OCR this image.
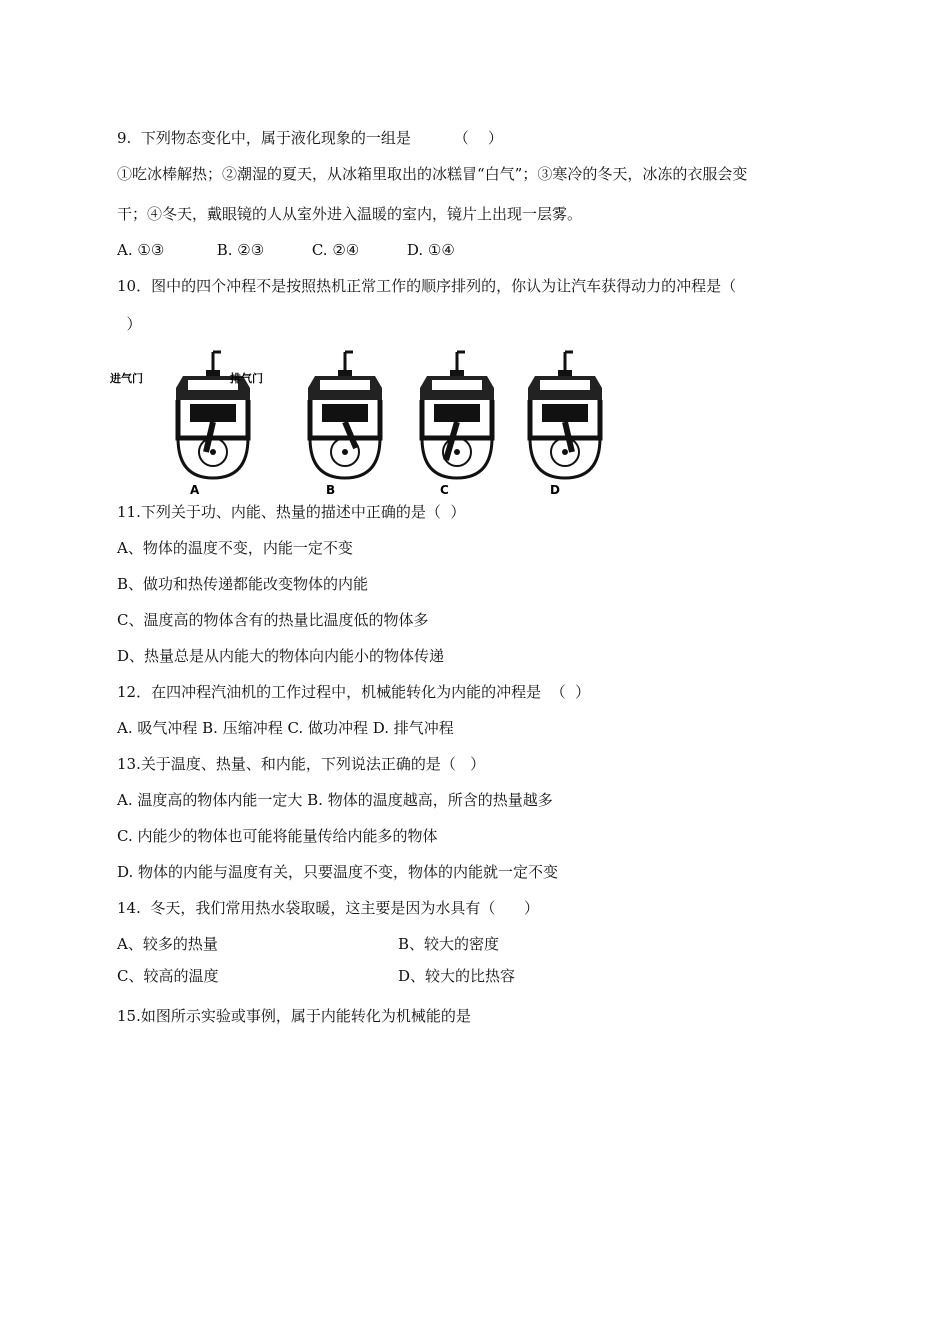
9.  下列物态变化中，属于液化现象的一组是         （    ）
①吃冰棒解热；②潮湿的夏天，从冰箱里取出的冰糕冒“白气”；③寒冷的冬天，冰冻的衣服会变
干；④冬天，戴眼镜的人从室外进入温暖的室内，镜片上出现一层雾。
A. ①③           B. ②③          C. ②④          D. ①④
10．图中的四个冲程不是按照热机正常工作的顺序排列的，你认为让汽车获得动力的冲程是（
）
进气门	排气门
A	B	C	D
11.下列关于功、内能、热量的描述中正确的是（  ）
A、物体的温度不变，内能一定不变
B、做功和热传递都能改变物体的内能
C、温度高的物体含有的热量比温度低的物体多
D、热量总是从内能大的物体向内能小的物体传递
12．在四冲程汽油机的工作过程中，机械能转化为内能的冲程是  （  ）
A. 吸气冲程 B. 压缩冲程 C. 做功冲程 D. 排气冲程
13.关于温度、热量、和内能，下列说法正确的是（   ）
A. 温度高的物体内能一定大 B. 物体的温度越高，所含的热量越多
C. 内能少的物体也可能将能量传给内能多的物体
D. 物体的内能与温度有关，只要温度不变，物体的内能就一定不变
14.  冬天，我们常用热水袋取暖，这主要是因为水具有（      ）
A、较多的热量	B、较大的密度
C、较高的温度	D、较大的比热容
15.如图所示实验或事例，属于内能转化为机械能的是
